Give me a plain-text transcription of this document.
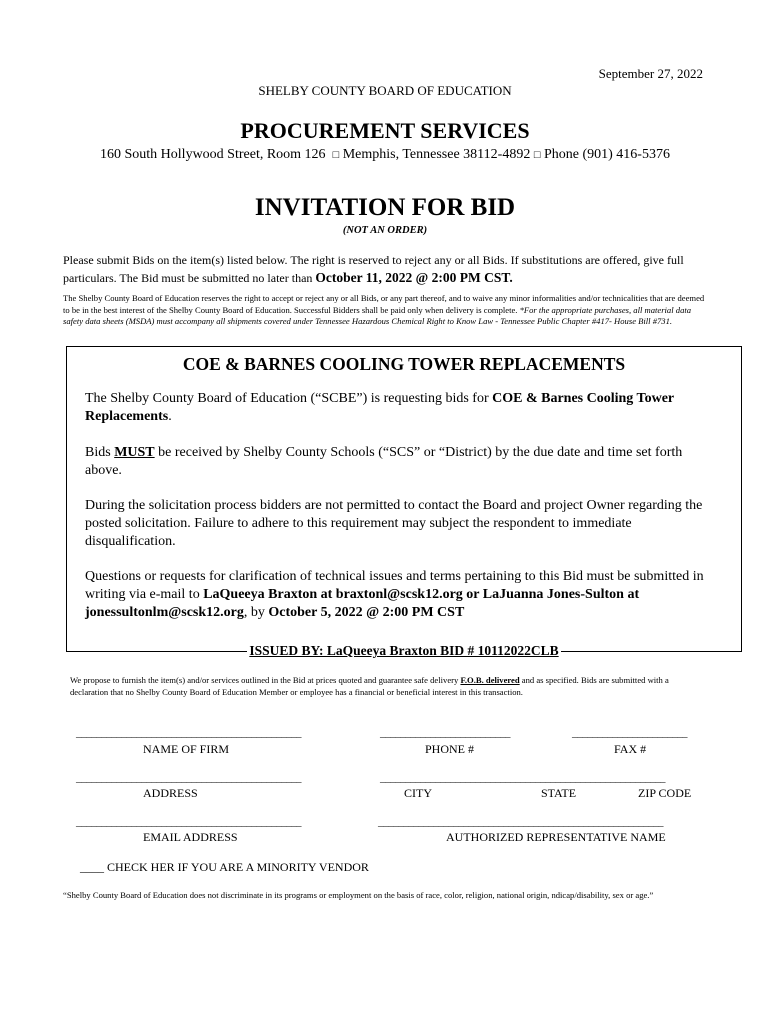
September 27, 2022
SHELBY COUNTY BOARD OF EDUCATION
PROCUREMENT SERVICES
160 South Hollywood Street, Room 126 □ Memphis, Tennessee 38112-4892 □ Phone (901) 416-5376
INVITATION FOR BID
(NOT AN ORDER)
Please submit Bids on the item(s) listed below. The right is reserved to reject any or all Bids. If substitutions are offered, give full particulars. The Bid must be submitted no later than October 11, 2022 @ 2:00 PM CST.
The Shelby County Board of Education reserves the right to accept or reject any or all Bids, or any part thereof, and to waive any minor informalities and/or technicalities that are deemed to be in the best interest of the Shelby County Board of Education. Successful Bidders shall be paid only when delivery is complete. *For the appropriate purchases, all material data safety data sheets (MSDA) must accompany all shipments covered under Tennessee Hazardous Chemical Right to Know Law - Tennessee Public Chapter #417- House Bill #731.
COE & BARNES COOLING TOWER REPLACEMENTS
The Shelby County Board of Education (“SCBE”) is requesting bids for COE & Barnes Cooling Tower Replacements.
Bids MUST be received by Shelby County Schools (“SCS” or “District) by the due date and time set forth above.
During the solicitation process bidders are not permitted to contact the Board and project Owner regarding the posted solicitation. Failure to adhere to this requirement may subject the respondent to immediate disqualification.
Questions or requests for clarification of technical issues and terms pertaining to this Bid must be submitted in writing via e-mail to LaQueeya Braxton at braxtonl@scsk12.org or LaJuanna Jones-Sulton at jonessultonlm@scsk12.org, by October 5, 2022 @ 2:00 PM CST
ISSUED BY: LaQueeya Braxton BID # 10112022CLB
We propose to furnish the item(s) and/or services outlined in the Bid at prices quoted and guarantee safe delivery F.O.B. delivered and as specified. Bids are submitted with a declaration that no Shelby County Board of Education Member or employee has a financial or beneficial interest in this transaction.
_____________________________________________	__________________________	_______________________
NAME OF FIRM	PHONE #	FAX #
_____________________________________________	_________________________________________________________
ADDRESS	CITY	STATE	ZIP CODE
_____________________________________________	_________________________________________________________
EMAIL ADDRESS	AUTHORIZED REPRESENTATIVE NAME
____ CHECK HER IF YOU ARE A MINORITY VENDOR
“Shelby County Board of Education does not discriminate in its programs or employment on the basis of race, color, religion, national origin, ndicap/disability, sex or age.”
